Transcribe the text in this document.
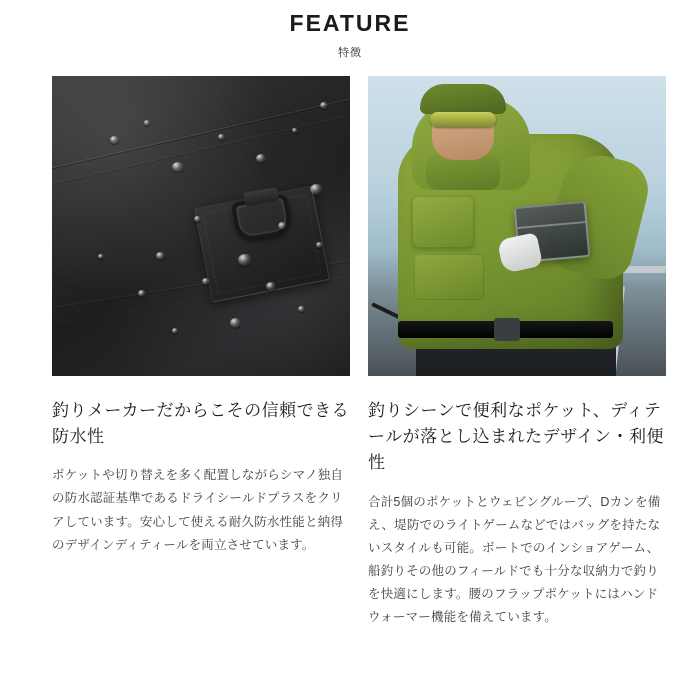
FEATURE
特徴
釣りメーカーだからこその信頼できる防水性
ポケットや切り替えを多く配置しながらシマノ独自の防水認証基準であるドライシールドプラスをクリアしています。安心して使える耐久防水性能と納得のデザインディティールを両立させています。
釣りシーンで便利なポケット、ディテールが落とし込まれたデザイン・利便性
合計5個のポケットとウェビングループ、Dカンを備え、堤防でのライトゲームなどではバッグを持たないスタイルも可能。ボートでのインショアゲーム、船釣りその他のフィールドでも十分な収納力で釣りを快適にします。腰のフラップポケットにはハンドウォーマー機能を備えています。
